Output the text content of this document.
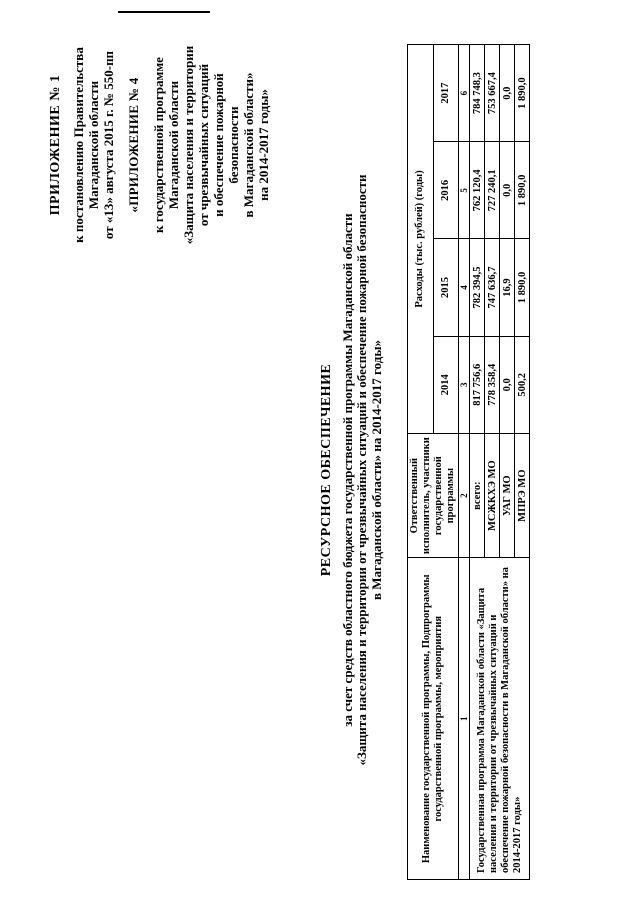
ПРИЛОЖЕНИЕ № 1 к постановлению Правительства Магаданской области от «13» августа 2015 г. № 550-пп «ПРИЛОЖЕНИЕ № 4 к государственной программе Магаданской области «Защита населения и территории от чрезвычайных ситуаций и обеспечение пожарной безопасности в Магаданской области» на 2014-2017 годы»
РЕСУРСНОЕ ОБЕСПЕЧЕНИЕ за счет средств областного бюджета государственной программы Магаданской области «Защита населения и территории от чрезвычайных ситуаций и обеспечение пожарной безопасности в Магаданской области» на 2014-2017 годы»
Наименование государственной программы, Подпрограммы государственной программы, мероприятия	Ответственный исполнитель, участники государственной программы	Расходы (тыс. рублей) (годы)			
		2014	2015	2016	2017
1	2	3	4	5	6
Государственная программа Магаданской области «Защита населения и территории от чрезвычайных ситуаций и обеспечение пожарной безопасности в Магаданской области» на 2014-2017 годы»	всего:	817 756,6	782 394,5	762 120,4	784 748,3
	МСЖКХЭ МО	778 358,4	747 636,7	727 240,1	753 667,4
	УАГ МО	0,0	16,9	0,0	0,0
	МПРЭ МО	500,2	1 890,0	1 890,0	1 890,0
